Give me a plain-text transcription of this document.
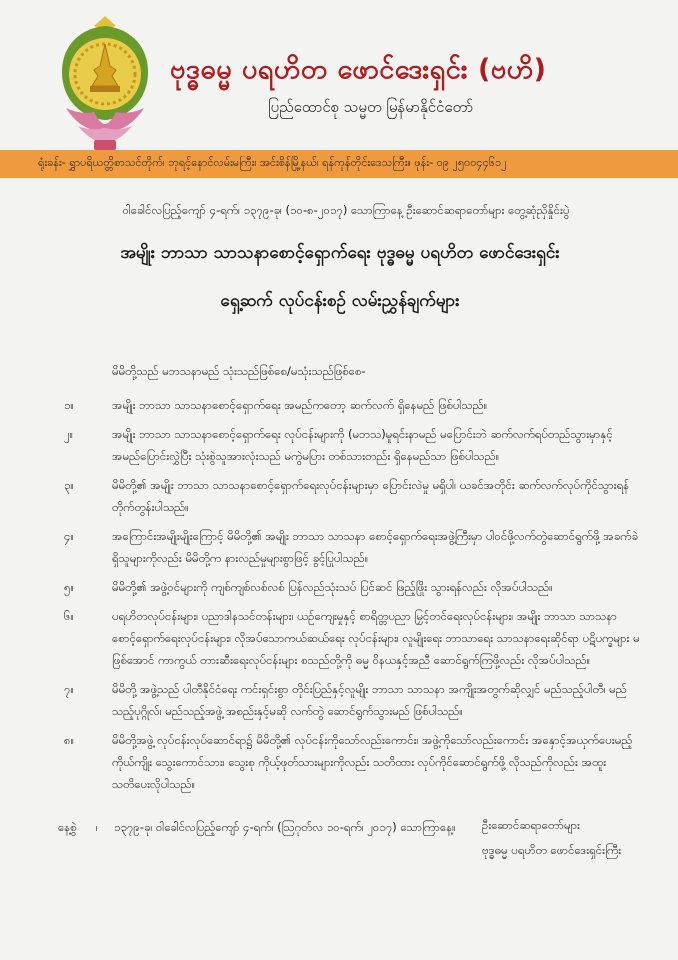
ဗုဒ္ဓဓမ္မ ပရဟိတ ဖောင်ဒေးရှင်း (ဗဟိ)
ပြည်ထောင်စု သမ္မတ မြန်မာနိုင်ငံတော်
ရုံးခန်း- ရွှာပရိယတ္တိစာသင်တိုက်၊ ဘုရင့်နောင်လမ်းမကြီး၊ အင်းစိန်မြို့နယ်၊ ရန်ကုန်တိုင်းဒေသကြီး။ ဖုန်း- ၀၉ ၂၅၀၀၄၄၆၁၂
ဝါခေါင်လပြည့်ကျော် ၄-ရက်၊ ၁၃၇၉-ခု၊ (၁၀-၈-၂၀၁၇) သောကြာနေ့ ဦးဆောင်ဆရာတော်များ တွေ့ဆုံညှိနှိုင်းပွဲ
အမျိုး ဘာသာ သာသနာစောင့်ရှောက်ရေး ဗုဒ္ဓဓမ္မ ပရဟိတ ဖောင်ဒေးရှင်း
ရှေ့ဆက် လုပ်ငန်းစဉ် လမ်းညွှန်ချက်များ
မိမိတို့သည် မဘသနာမည် သုံးသည်ဖြစ်စေ/မသုံးသည်ဖြစ်စေ-
၁။	အမျိုး ဘာသာ သာသနာစောင့်ရှောက်ရေး အမည်ကတော့ ဆက်လက် ရှိနေမည် ဖြစ်ပါသည်။
၂။	အမျိုး ဘာသာ သာသနာစောင့်ရှောက်ရေး လုပ်ငန်းများကို (မဘသ)မူရင်းနာမည် မပြောင်းဘဲ ဆက်လက်ရပ်တည်သွားမှာနှင့် အမည်ပြောင်းလွှဲပြီး သုံးစွဲသူအားလုံးသည် မကွဲမပြား တစ်သားတည်း ရှိနေမည်သာ ဖြစ်ပါသည်။
၃။	မိမိတို့၏ အမျိုး ဘာသာ သာသနာစောင့်ရှောက်ရေးလုပ်ငန်းများမှာ ပြောင်းလဲမှု မရှိပါ၊ ယခင်အတိုင်း ဆက်လက်လုပ်ကိုင်သွားရန် တိုက်တွန်းပါသည်။
၄။	အကြောင်းအမျိုးမျိုးကြောင့် မိမိတို့၏ အမျိုး ဘာသာ သာသနာ စောင့်ရှောက်ရေးအဖွဲ့ကြီးမှာ ပါဝင်ဖို့လက်တွဲဆောင်ရွက်ဖို့ အခက်ခဲရှိသူများကိုလည်း မိမိတို့က နားလည်မှုများစွာဖြင့် ခွင့်ပြုပါသည်။
၅။	မိမိတို့၏ အဖွဲ့ဝင်များကို ကျစ်ကျစ်လစ်လစ် ပြန်လည်သုံးသပ် ပြင်ဆင် ဖြည့်ဖြိုး သွားရန်လည်း လိုအပ်ပါသည်။
၆။	ပရဟိတလုပ်ငန်းများ၊ ပညာဒါနသင်တန်းများ၊ ယဉ်ကျေးမှုနှင့် စာရိတ္တပညာ မြှင့်တင်ရေးလုပ်ငန်းများ၊ အမျိုး ဘာသာ သာသနာ စောင့်ရှောက်ရေးလုပ်ငန်းများ၊ လိုအပ်သောကယ်ဆယ်ရေး လုပ်ငန်းများ၊ လူမျိုးရေး ဘာသာရေး သာသနာရေးဆိုင်ရာ ပဋိပက္ခများ မဖြစ်အောင် ကာကွယ် တားဆီးရေးလုပ်ငန်းများ စသည်တို့ကို ဓမ္မ ဝိနယနှင့်အညီ ဆောင်ရွက်ကြဖို့လည်း လိုအပ်ပါသည်။
၇။	မိမိတို့ အဖွဲ့သည် ပါတီနိုင်ငံရေး ကင်းရှင်းစွာ တိုင်းပြည်နှင့်လူမျိုး ဘာသာ သာသနာ အကျိုးအတွက်ဆိုလျှင် မည်သည့်ပါတီ၊ မည်သည့်ပုဂ္ဂိုလ်၊ မည်သည့်အဖွဲ့ အစည်းနှင့်မဆို လက်တွဲ ဆောင်ရွက်သွားမည် ဖြစ်ပါသည်။
၈။	မိမိတို့အဖွဲ့ လုပ်ငန်းလုပ်ဆောင်ရာ၌ မိမိတို့၏ လုပ်ငန်းကိုသော်လည်းကောင်း၊ အဖွဲ့ကိုသော်လည်းကောင်း အနှောင့်အယှက်ပေးမည့် ကိုယ်ကျိုး သွေးကောင်သား၊ သွေးစု ကိုယ့်ဖုတ်သားများကိုလည်း သတိထား လုပ်ကိုင်ဆောင်ရွက်ဖို့ လိုသည်ကိုလည်း အထူးသတိပေးလိုပါသည်။
နေ့စွဲ ၊ ၁၃၇၉-ခု၊ ဝါခေါင်လပြည့်ကျော် ၄-ရက်၊ (ဩဂုတ်လ ၁၀-ရက်၊ ၂၀၁၇) သောကြာနေ့။ ဦးဆောင်ဆရာတော်များ
ဗုဒ္ဓဓမ္မ ပရဟိတ ဖောင်ဒေးရှင်းကြီး
